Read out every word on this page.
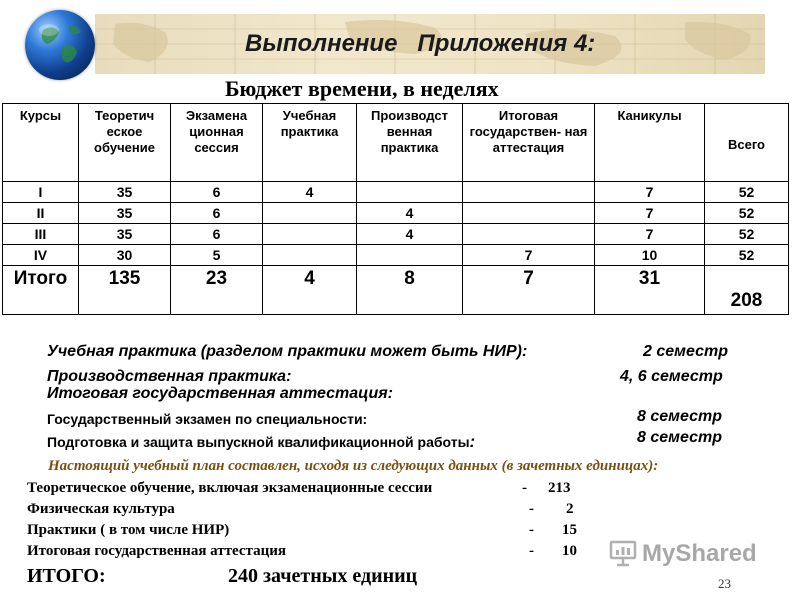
Выполнение   Приложения 4:
Бюджет времени, в неделях
Курсы	Теоретич еское обучение	Экзамена ционная сессия	Учебная практика	Производст венная практика	Итоговая государствен- ная аттестация	Каникулы	Всего
I	35	6	4			7	52
II	35	6		4		7	52
III	35	6		4		7	52
IV	30	5			7	10	52
Итого	135	23	4	8	7	31	208
Учебная практика (разделом практики может быть НИР):	2 семестр
Производственная практика:	4, 6 семестр
Итоговая государственная аттестация:
Государственный экзамен по специальности:	8 семестр
Подготовка и защита выпускной квалификационной работы:	8 семестр
Настоящий учебный план составлен, исходя из следующих данных (в зачетных единицах):
Теоретическое обучение, включая экзаменационные сессии	- 213
Физическая культура	- 2
Практики ( в том числе НИР)	- 15
Итоговая государственная аттестация	- 10
ИТОГО:	240 зачетных единиц
MyShared
23
